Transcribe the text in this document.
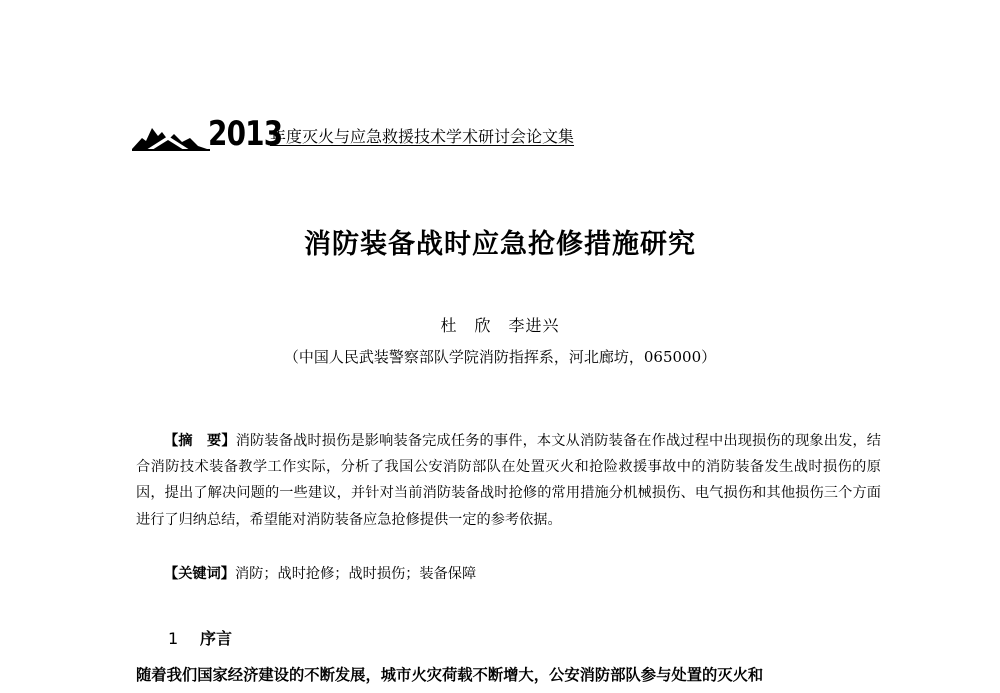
2013
年度灭火与应急救援技术学术研讨会论文集
消防装备战时应急抢修措施研究
杜　欣　李进兴
（中国人民武装警察部队学院消防指挥系，河北廊坊，065000）

【摘　要】消防装备战时损伤是影响装备完成任务的事件，本文从消防装备在作战过程中出现损伤的现象出发，结合消防技术装备教学工作实际，分析了我国公安消防部队在处置灭火和抢险救援事故中的消防装备发生战时损伤的原因，提出了解决问题的一些建议，并针对当前消防装备战时抢修的常用措施分机械损伤、电气损伤和其他损伤三个方面进行了归纳总结，希望能对消防装备应急抢修提供一定的参考依据。

【关键词】消防；战时抢修；战时损伤；装备保障
1 序言
随着我们国家经济建设的不断发展，城市火灾荷载不断增大，公安消防部队参与处置的灭火和
